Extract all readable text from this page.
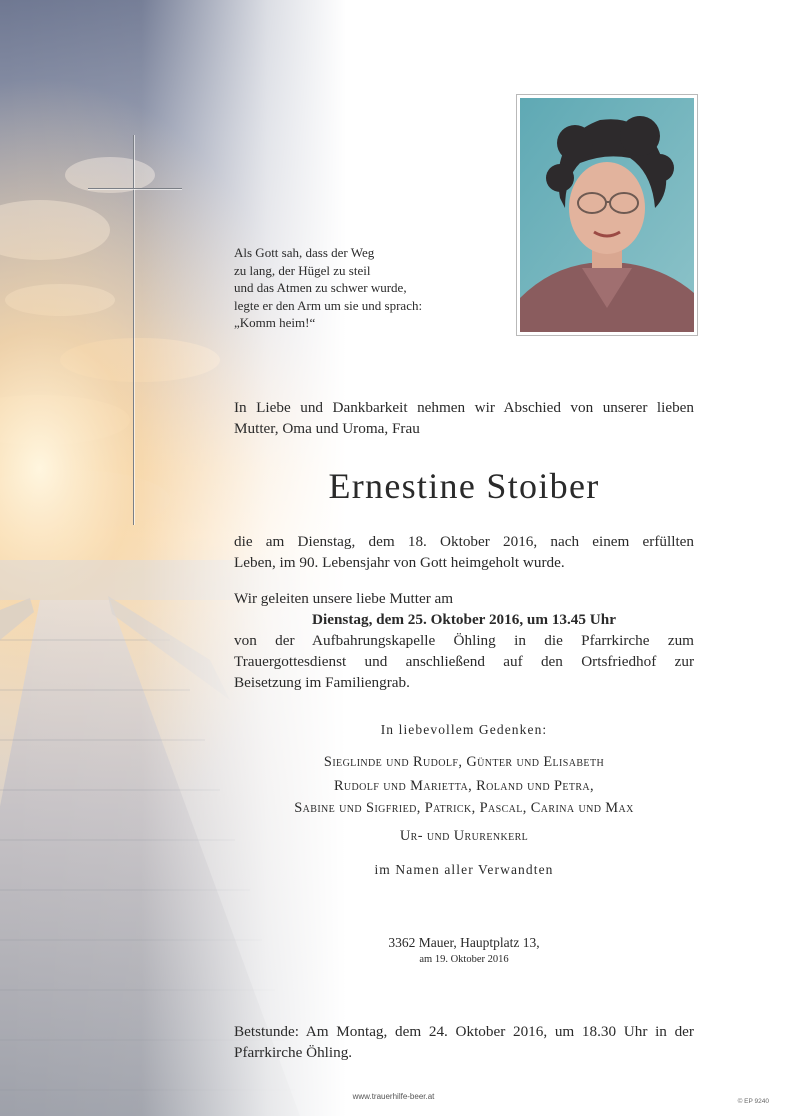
Als Gott sah, dass der Weg
zu lang, der Hügel zu steil
und das Atmen zu schwer wurde,
legte er den Arm um sie und sprach:
„Komm heim!“
In Liebe und Dankbarkeit nehmen wir Abschied von unserer lieben
Mutter, Oma und Uroma, Frau
Ernestine Stoiber
die am Dienstag, dem 18. Oktober 2016, nach einem erfüllten
Leben, im 90. Lebensjahr von Gott heimgeholt wurde.
Wir geleiten unsere liebe Mutter am
Dienstag, dem 25. Oktober 2016, um 13.45 Uhr
von der Aufbahrungskapelle Öhling in die Pfarrkirche zum
Trauergottesdienst und anschließend auf den Ortsfriedhof zur
Beisetzung im Familiengrab.
In liebevollem Gedenken:
Sieglinde und Rudolf, Günter und Elisabeth
Rudolf und Marietta, Roland und Petra,
Sabine und Sigfried, Patrick, Pascal, Carina und Max
Ur- und Ururenkerl
im Namen aller Verwandten
3362 Mauer, Hauptplatz 13,
am 19. Oktober 2016
Betstunde: Am Montag, dem 24. Oktober 2016, um 18.30 Uhr in der
Pfarrkirche Öhling.
www.trauerhilfe-beer.at
© EP 9240
